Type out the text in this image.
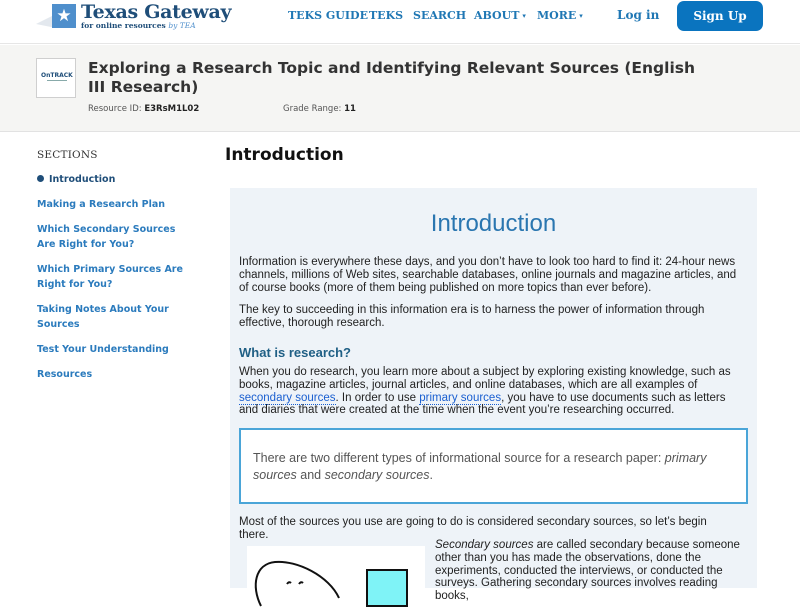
★ Texas Gateway
for online resources by TEA
TEKS GUIDE TEKS SEARCH ABOUT ▾ MORE ▾	Log in	Sign Up
OnTRACK Exploring a Research Topic and Identifying Relevant Sources (English III Research)
Resource ID: E3RsM1L02	Grade Range: 11
SECTIONS
Introduction
Making a Research Plan
Which Secondary Sources Are Right for You?
Which Primary Sources Are Right for You?
Taking Notes About Your Sources
Test Your Understanding
Resources
Introduction
Introduction

Information is everywhere these days, and you don’t have to look too hard to find it: 24-hour news channels, millions of Web sites, searchable databases, online journals and magazine articles, and of course books (more of them being published on more topics than ever before).

The key to succeeding in this information era is to harness the power of information through effective, thorough research.

What is research?

When you do research, you learn more about a subject by exploring existing knowledge, such as books, magazine articles, journal articles, and online databases, which are all examples of secondary sources. In order to use primary sources, you have to use documents such as letters and diaries that were created at the time when the event you’re researching occurred.

There are two different types of informational source for a research paper: primary sources and secondary sources.

Most of the sources you use are going to do is considered secondary sources, so let’s begin there.

Secondary sources are called secondary because someone other than you has made the observations, done the experiments, conducted the interviews, or conducted the surveys. Gathering secondary sources involves reading books,
